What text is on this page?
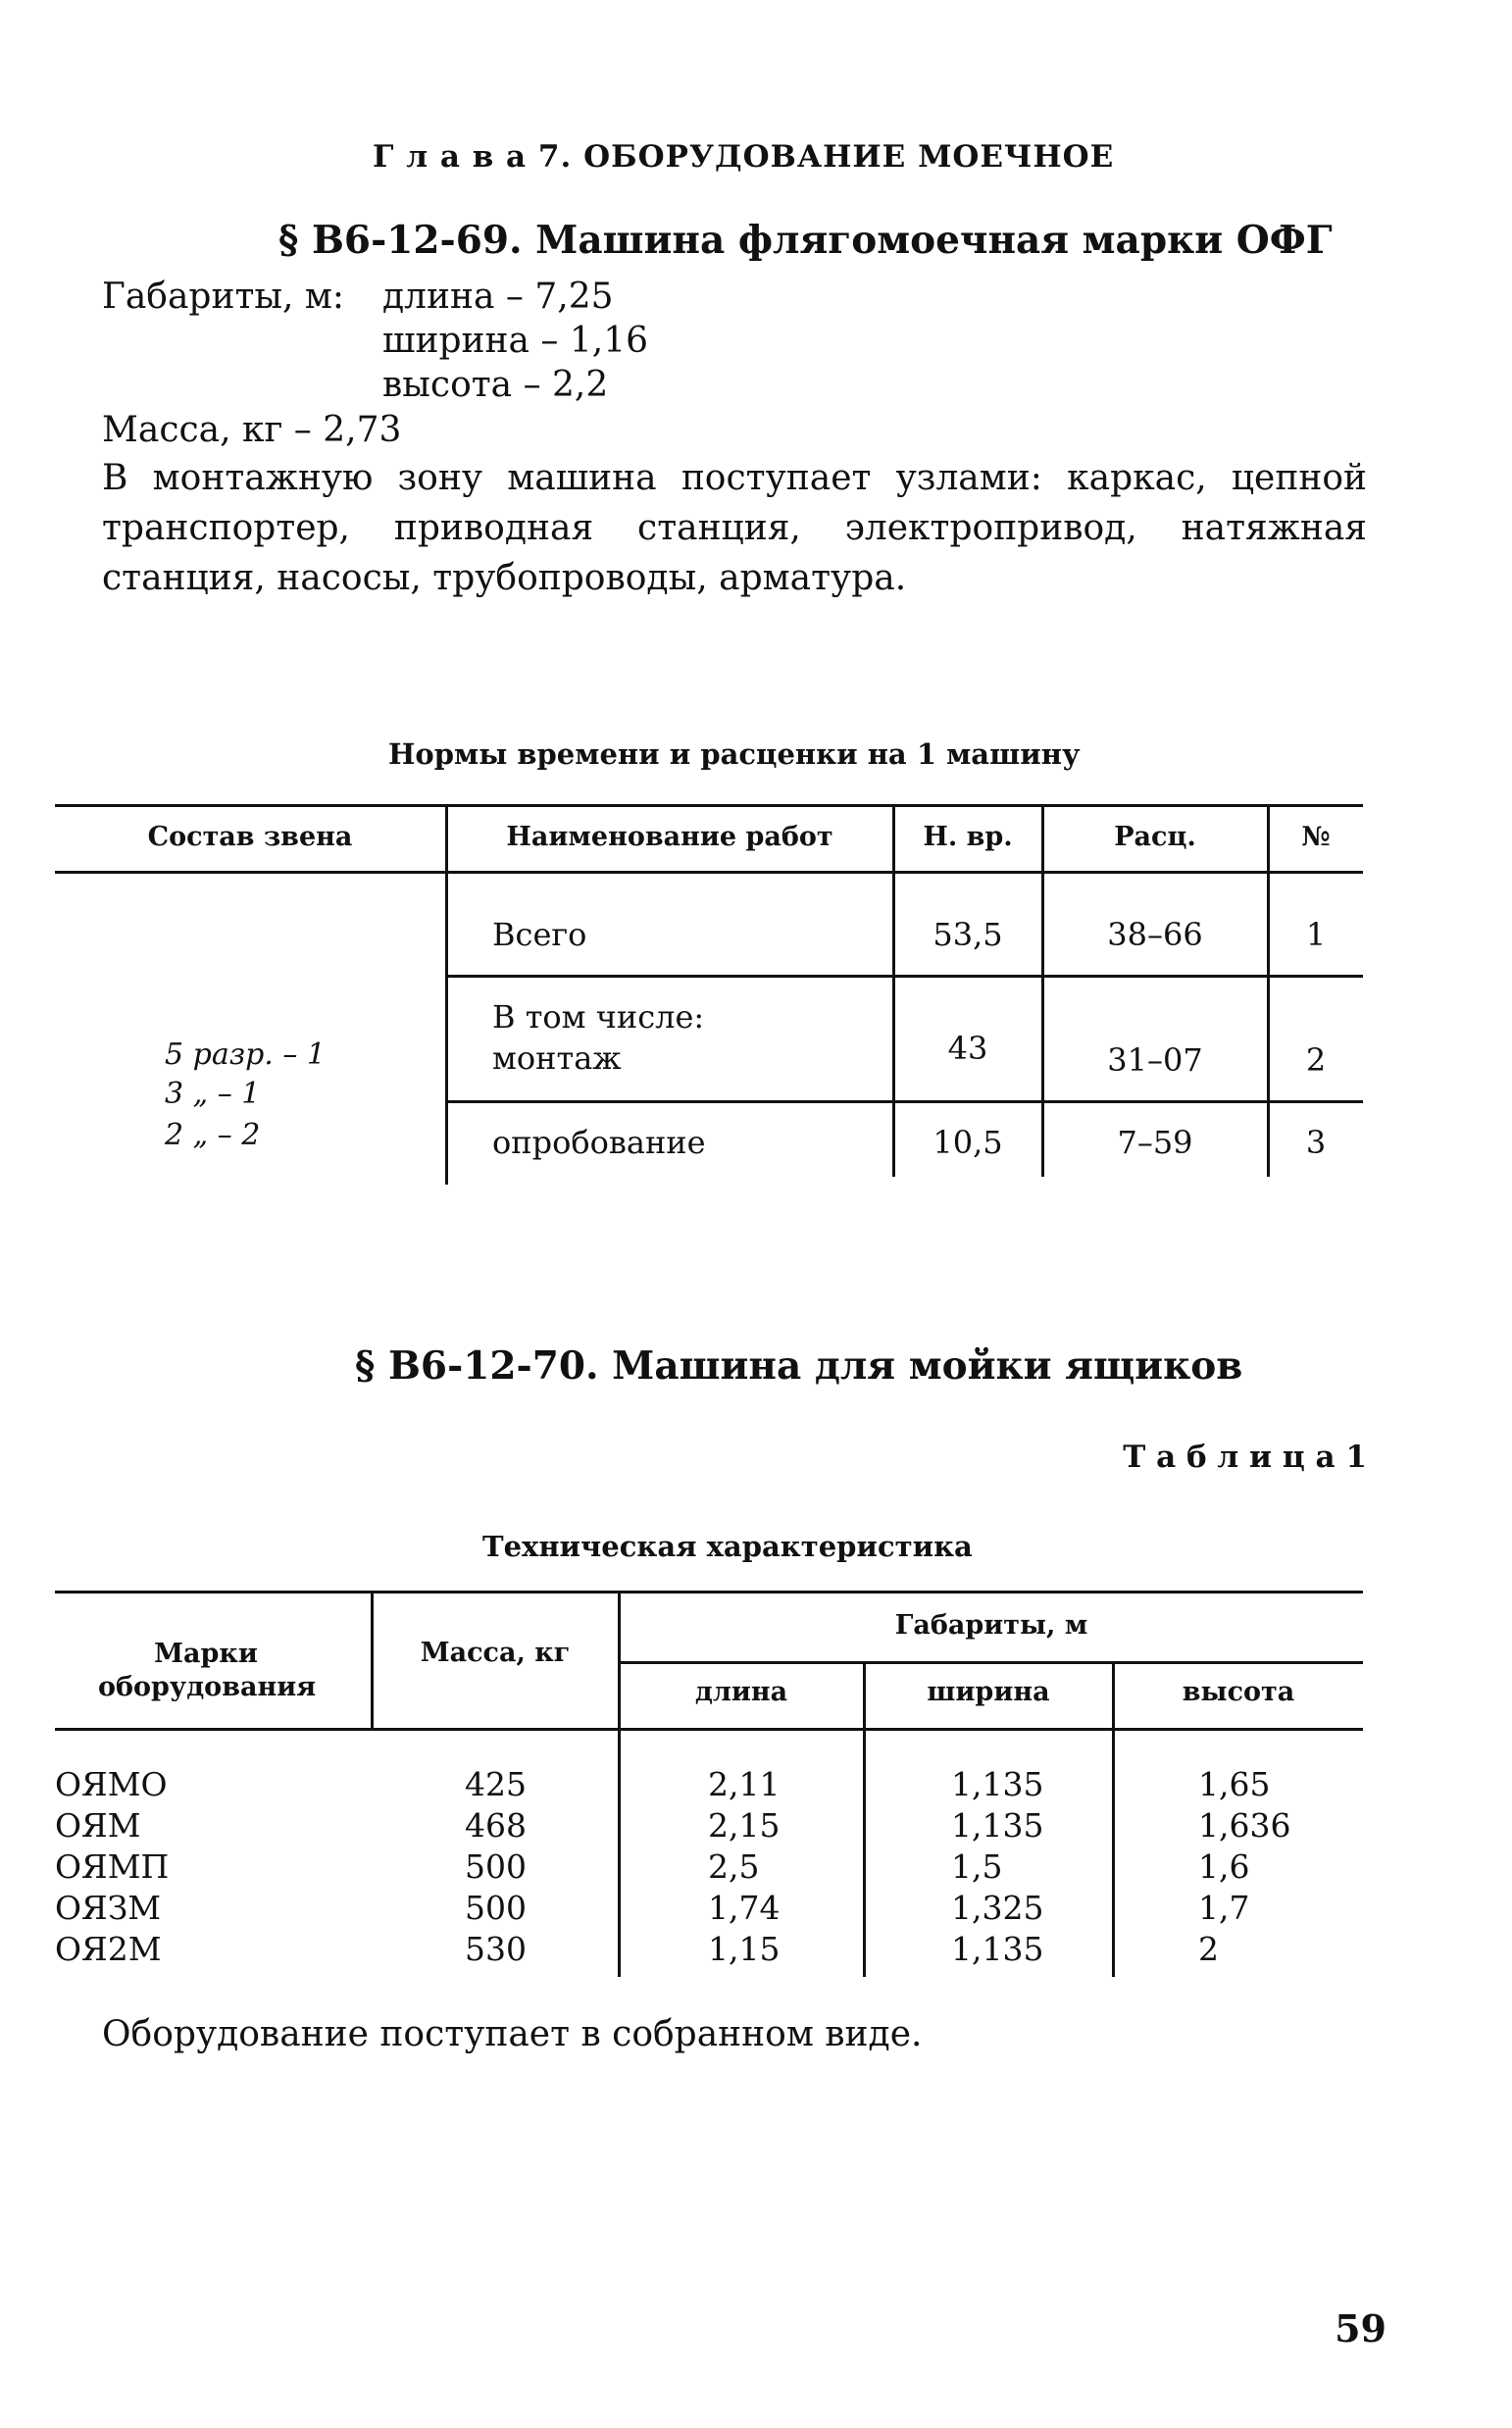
Г л а в а 7. ОБОРУДОВАНИЕ МОЕЧНОЕ
§ В6-12-69. Машина флягомоечная марки ОФГ
Габариты, м: длина – 7,25
ширина – 1,16
высота – 2,2
Масса, кг – 2,73
В монтажную зону машина поступает узлами: каркас, цепной транспортер, приводная станция, электропривод, натяжная станция, насосы, трубопроводы, арматура.
Нормы времени и расценки на 1 машину
Состав звена	Наименование работ	Н. вр.	Расц.	№
5 разр. – 1
3 „ – 1
2 „ – 2
Всего	53,5	38–66	1
В том числе:
монтаж	43	31–07	2
опробование	10,5	7–59	3
§ В6-12-70. Машина для мойки ящиков
Т а б л и ц а 1
Техническая характеристика
Марки оборудования
Масса, кг
Габариты, м
длина	ширина	высота
ОЯМО	425	2,11	1,135	1,65
ОЯМ	468	2,15	1,135	1,636
ОЯМП	500	2,5	1,5	1,6
ОЯЗМ	500	1,74	1,325	1,7
ОЯ2М	530	1,15	1,135	2
Оборудование поступает в собранном виде.
59
